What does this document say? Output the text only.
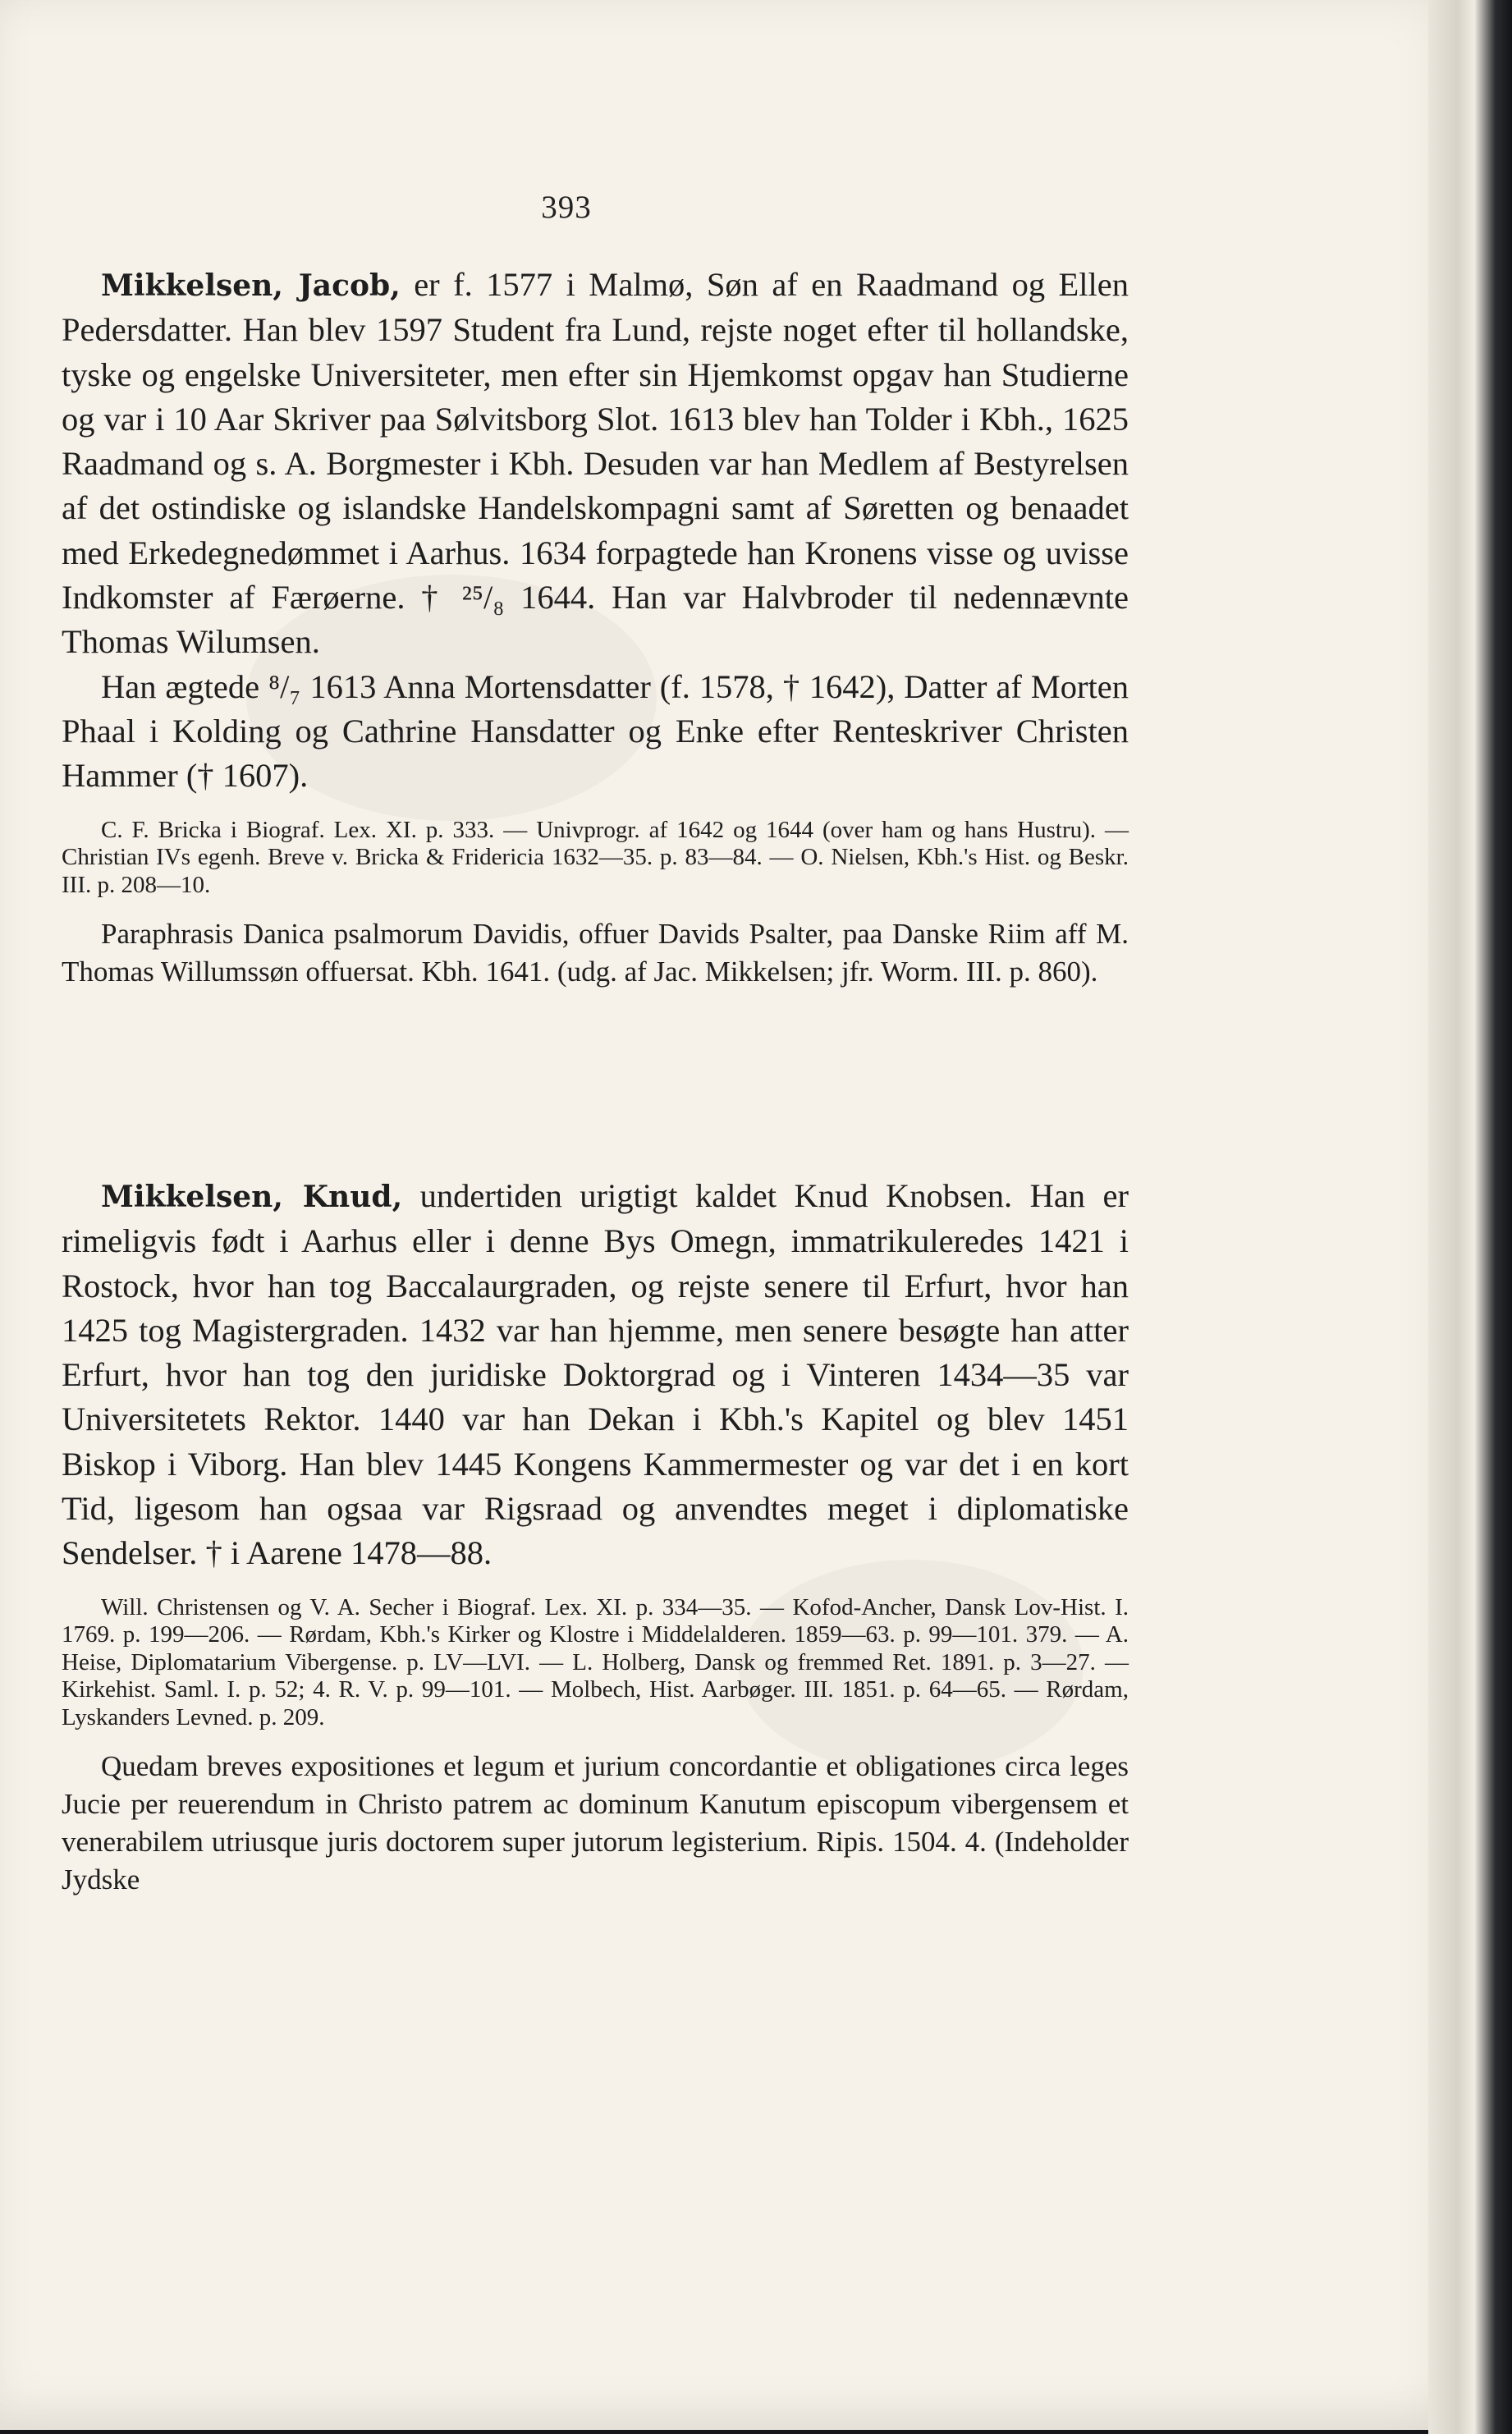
393

Mikkelsen, Jacob, er f. 1577 i Malmø, Søn af en Raadmand og Ellen Pedersdatter. Han blev 1597 Student fra Lund, rejste noget efter til hollandske, tyske og engelske Universiteter, men efter sin Hjemkomst opgav han Studierne og var i 10 Aar Skriver paa Sølvitsborg Slot. 1613 blev han Tolder i Kbh., 1625 Raadmand og s. A. Borgmester i Kbh. Desuden var han Medlem af Bestyrelsen af det ostindiske og islandske Handelskompagni samt af Søretten og benaadet med Erkedegnedømmet i Aarhus. 1634 forpagtede han Kronens visse og uvisse Indkomster af Færøerne. † ²⁵/₈ 1644. Han var Halvbroder til nedennævnte Thomas Wilumsen.

Han ægtede ⁸/₇ 1613 Anna Mortensdatter (f. 1578, † 1642), Datter af Morten Phaal i Kolding og Cathrine Hansdatter og Enke efter Renteskriver Christen Hammer († 1607).

C. F. Bricka i Biograf. Lex. XI. p. 333. — Univprogr. af 1642 og 1644 (over ham og hans Hustru). — Christian IVs egenh. Breve v. Bricka & Fridericia 1632—35. p. 83—84. — O. Nielsen, Kbh.'s Hist. og Beskr. III. p. 208—10.

Paraphrasis Danica psalmorum Davidis, offuer Davids Psalter, paa Danske Riim aff M. Thomas Willumssøn offuersat. Kbh. 1641. (udg. af Jac. Mikkelsen; jfr. Worm. III. p. 860).

Mikkelsen, Knud, undertiden urigtigt kaldet Knud Knobsen. Han er rimeligvis født i Aarhus eller i denne Bys Omegn, immatrikuleredes 1421 i Rostock, hvor han tog Baccalaurgraden, og rejste senere til Erfurt, hvor han 1425 tog Magistergraden. 1432 var han hjemme, men senere besøgte han atter Erfurt, hvor han tog den juridiske Doktorgrad og i Vinteren 1434—35 var Universitetets Rektor. 1440 var han Dekan i Kbh.'s Kapitel og blev 1451 Biskop i Viborg. Han blev 1445 Kongens Kammermester og var det i en kort Tid, ligesom han ogsaa var Rigsraad og anvendtes meget i diplomatiske Sendelser. † i Aarene 1478—88.

Will. Christensen og V. A. Secher i Biograf. Lex. XI. p. 334—35. — Kofod-Ancher, Dansk Lov-Hist. I. 1769. p. 199—206. — Rørdam, Kbh.'s Kirker og Klostre i Middelalderen. 1859—63. p. 99—101. 379. — A. Heise, Diplomatarium Vibergense. p. LV—LVI. — L. Holberg, Dansk og fremmed Ret. 1891. p. 3—27. — Kirkehist. Saml. I. p. 52; 4. R. V. p. 99—101. — Molbech, Hist. Aarbøger. III. 1851. p. 64—65. — Rørdam, Lyskanders Levned. p. 209.

Quedam breves expositiones et legum et jurium concordantie et obligationes circa leges Jucie per reuerendum in Christo patrem ac dominum Kanutum episcopum vibergensem et venerabilem utriusque juris doctorem super jutorum legisterium. Ripis. 1504. 4. (Indeholder Jydske
